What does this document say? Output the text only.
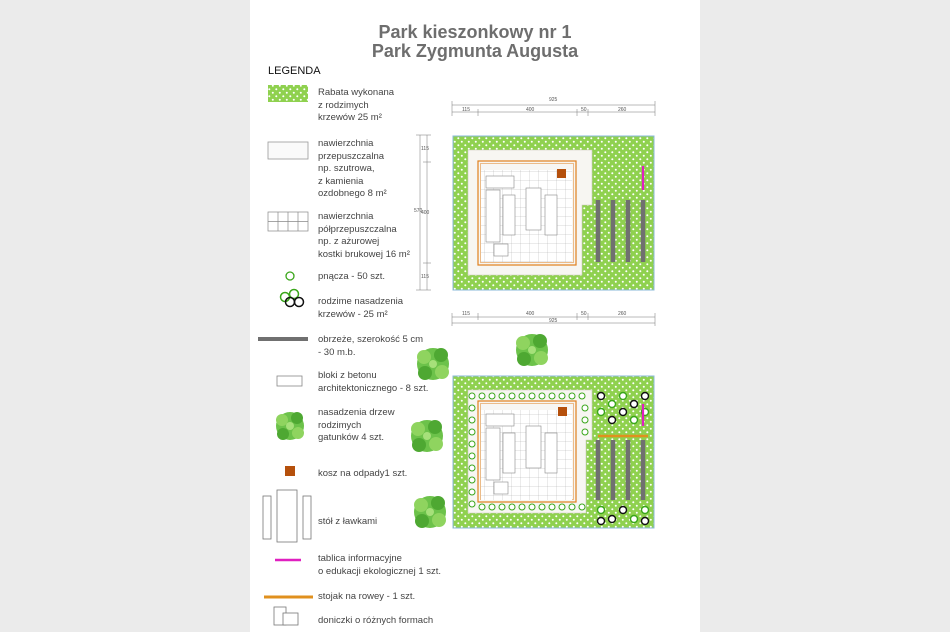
Park kieszonkowy nr 1
Park Zygmunta Augusta
LEGENDA
Rabata wykonana
z rodzimych
krzewów 25 m²
nawierzchnia
przepuszczalna
np. szutrowa,
z kamienia
ozdobnego 8 m²
nawierzchnia
półprzepuszczalna
np. z ażurowej
kostki brukowej 16 m²
pnącza - 50 szt.
rodzime nasadzenia
krzewów - 25 m²
obrzeże, szerokość 5 cm
- 30 m.b.
bloki z betonu
architektonicznego - 8 szt.
nasadzenia drzew
rodzimych
gatunków 4 szt.
kosz na odpady1 szt.
stół z ławkami
tablica informacyjne
o edukacji ekologicznej 1 szt.
stojak na rowey - 1 szt.
doniczki o różnych formach
925
115	400	50	260
570
115
400
115
925
115	400	50	260
